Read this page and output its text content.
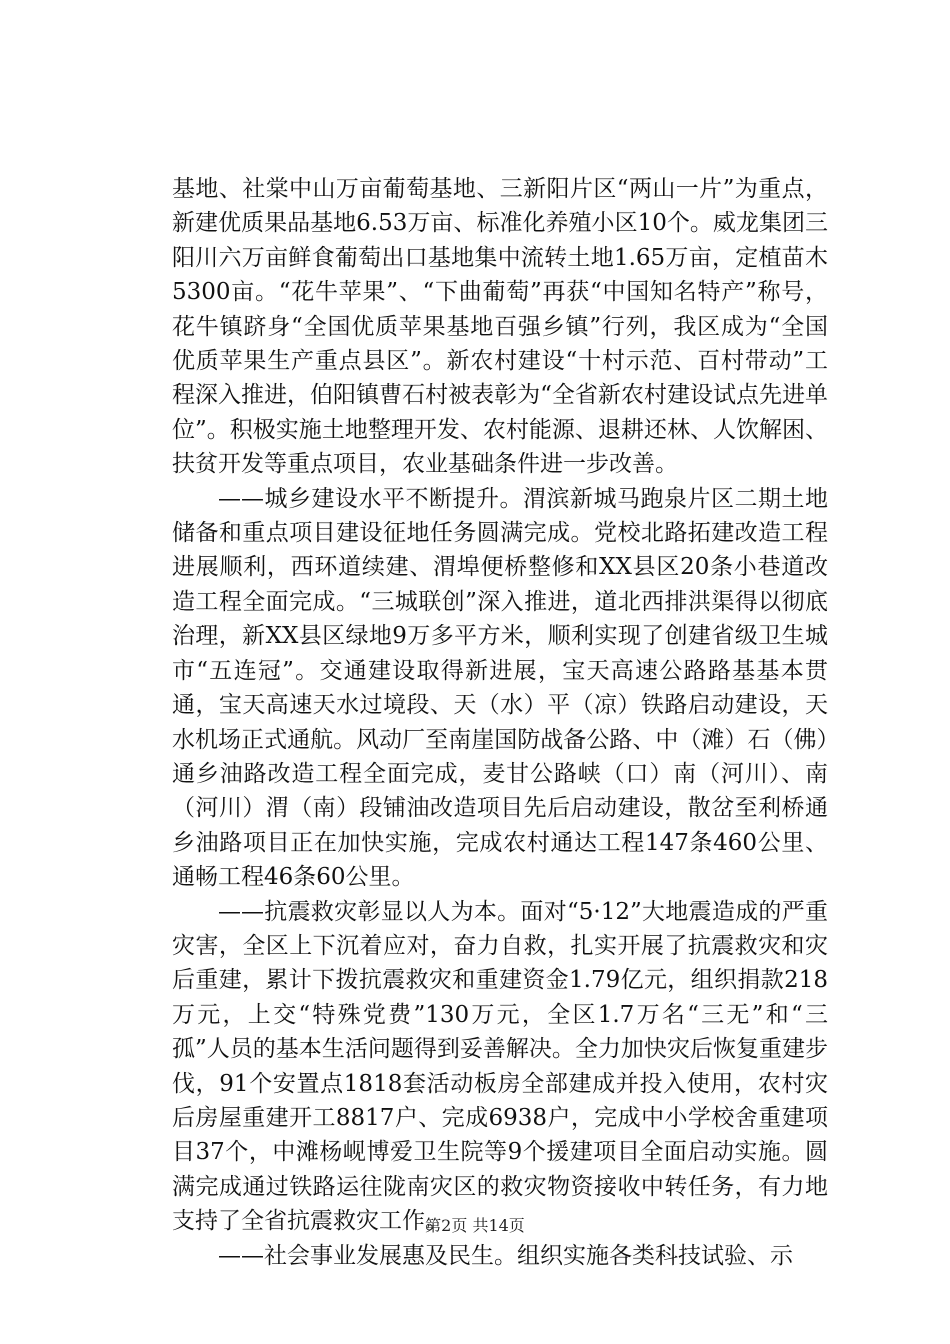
基地、社棠中山万亩葡萄基地、三新阳片区“两山一片”为重点，新建优质果品基地6.53万亩、标准化养殖小区10个。威龙集团三阳川六万亩鲜食葡萄出口基地集中流转土地1.65万亩，定植苗木5300亩。“花牛苹果”、“下曲葡萄”再获“中国知名特产”称号，花牛镇跻身“全国优质苹果基地百强乡镇”行列，我区成为“全国优质苹果生产重点县区”。新农村建设“十村示范、百村带动”工程深入推进，伯阳镇曹石村被表彰为“全省新农村建设试点先进单位”。积极实施土地整理开发、农村能源、退耕还林、人饮解困、扶贫开发等重点项目，农业基础条件进一步改善。

——城乡建设水平不断提升。渭滨新城马跑泉片区二期土地储备和重点项目建设征地任务圆满完成。党校北路拓建改造工程进展顺利，西环道续建、渭埠便桥整修和XX县区20条小巷道改造工程全面完成。“三城联创”深入推进，道北西排洪渠得以彻底治理，新XX县区绿地9万多平方米，顺利实现了创建省级卫生城市“五连冠”。交通建设取得新进展，宝天高速公路路基基本贯通，宝天高速天水过境段、天（水）平（凉）铁路启动建设，天水机场正式通航。风动厂至南崖国防战备公路、中（滩）石（佛）通乡油路改造工程全面完成，麦甘公路峡（口）南（河川）、南（河川）渭（南）段铺油改造项目先后启动建设，散岔至利桥通乡油路项目正在加快实施，完成农村通达工程147条460公里、通畅工程46条60公里。

——抗震救灾彰显以人为本。面对“5·12”大地震造成的严重灾害，全区上下沉着应对，奋力自救，扎实开展了抗震救灾和灾后重建，累计下拨抗震救灾和重建资金1.79亿元，组织捐款218万元，上交“特殊党费”130万元，全区1.7万名“三无”和“三孤”人员的基本生活问题得到妥善解决。全力加快灾后恢复重建步伐，91个安置点1818套活动板房全部建成并投入使用，农村灾后房屋重建开工8817户、完成6938户，完成中小学校舍重建项目37个，中滩杨岘博爱卫生院等9个援建项目全面启动实施。圆满完成通过铁路运往陇南灾区的救灾物资接收中转任务，有力地支持了全省抗震救灾工作。

——社会事业发展惠及民生。组织实施各类科技试验、示

第2页 共14页
